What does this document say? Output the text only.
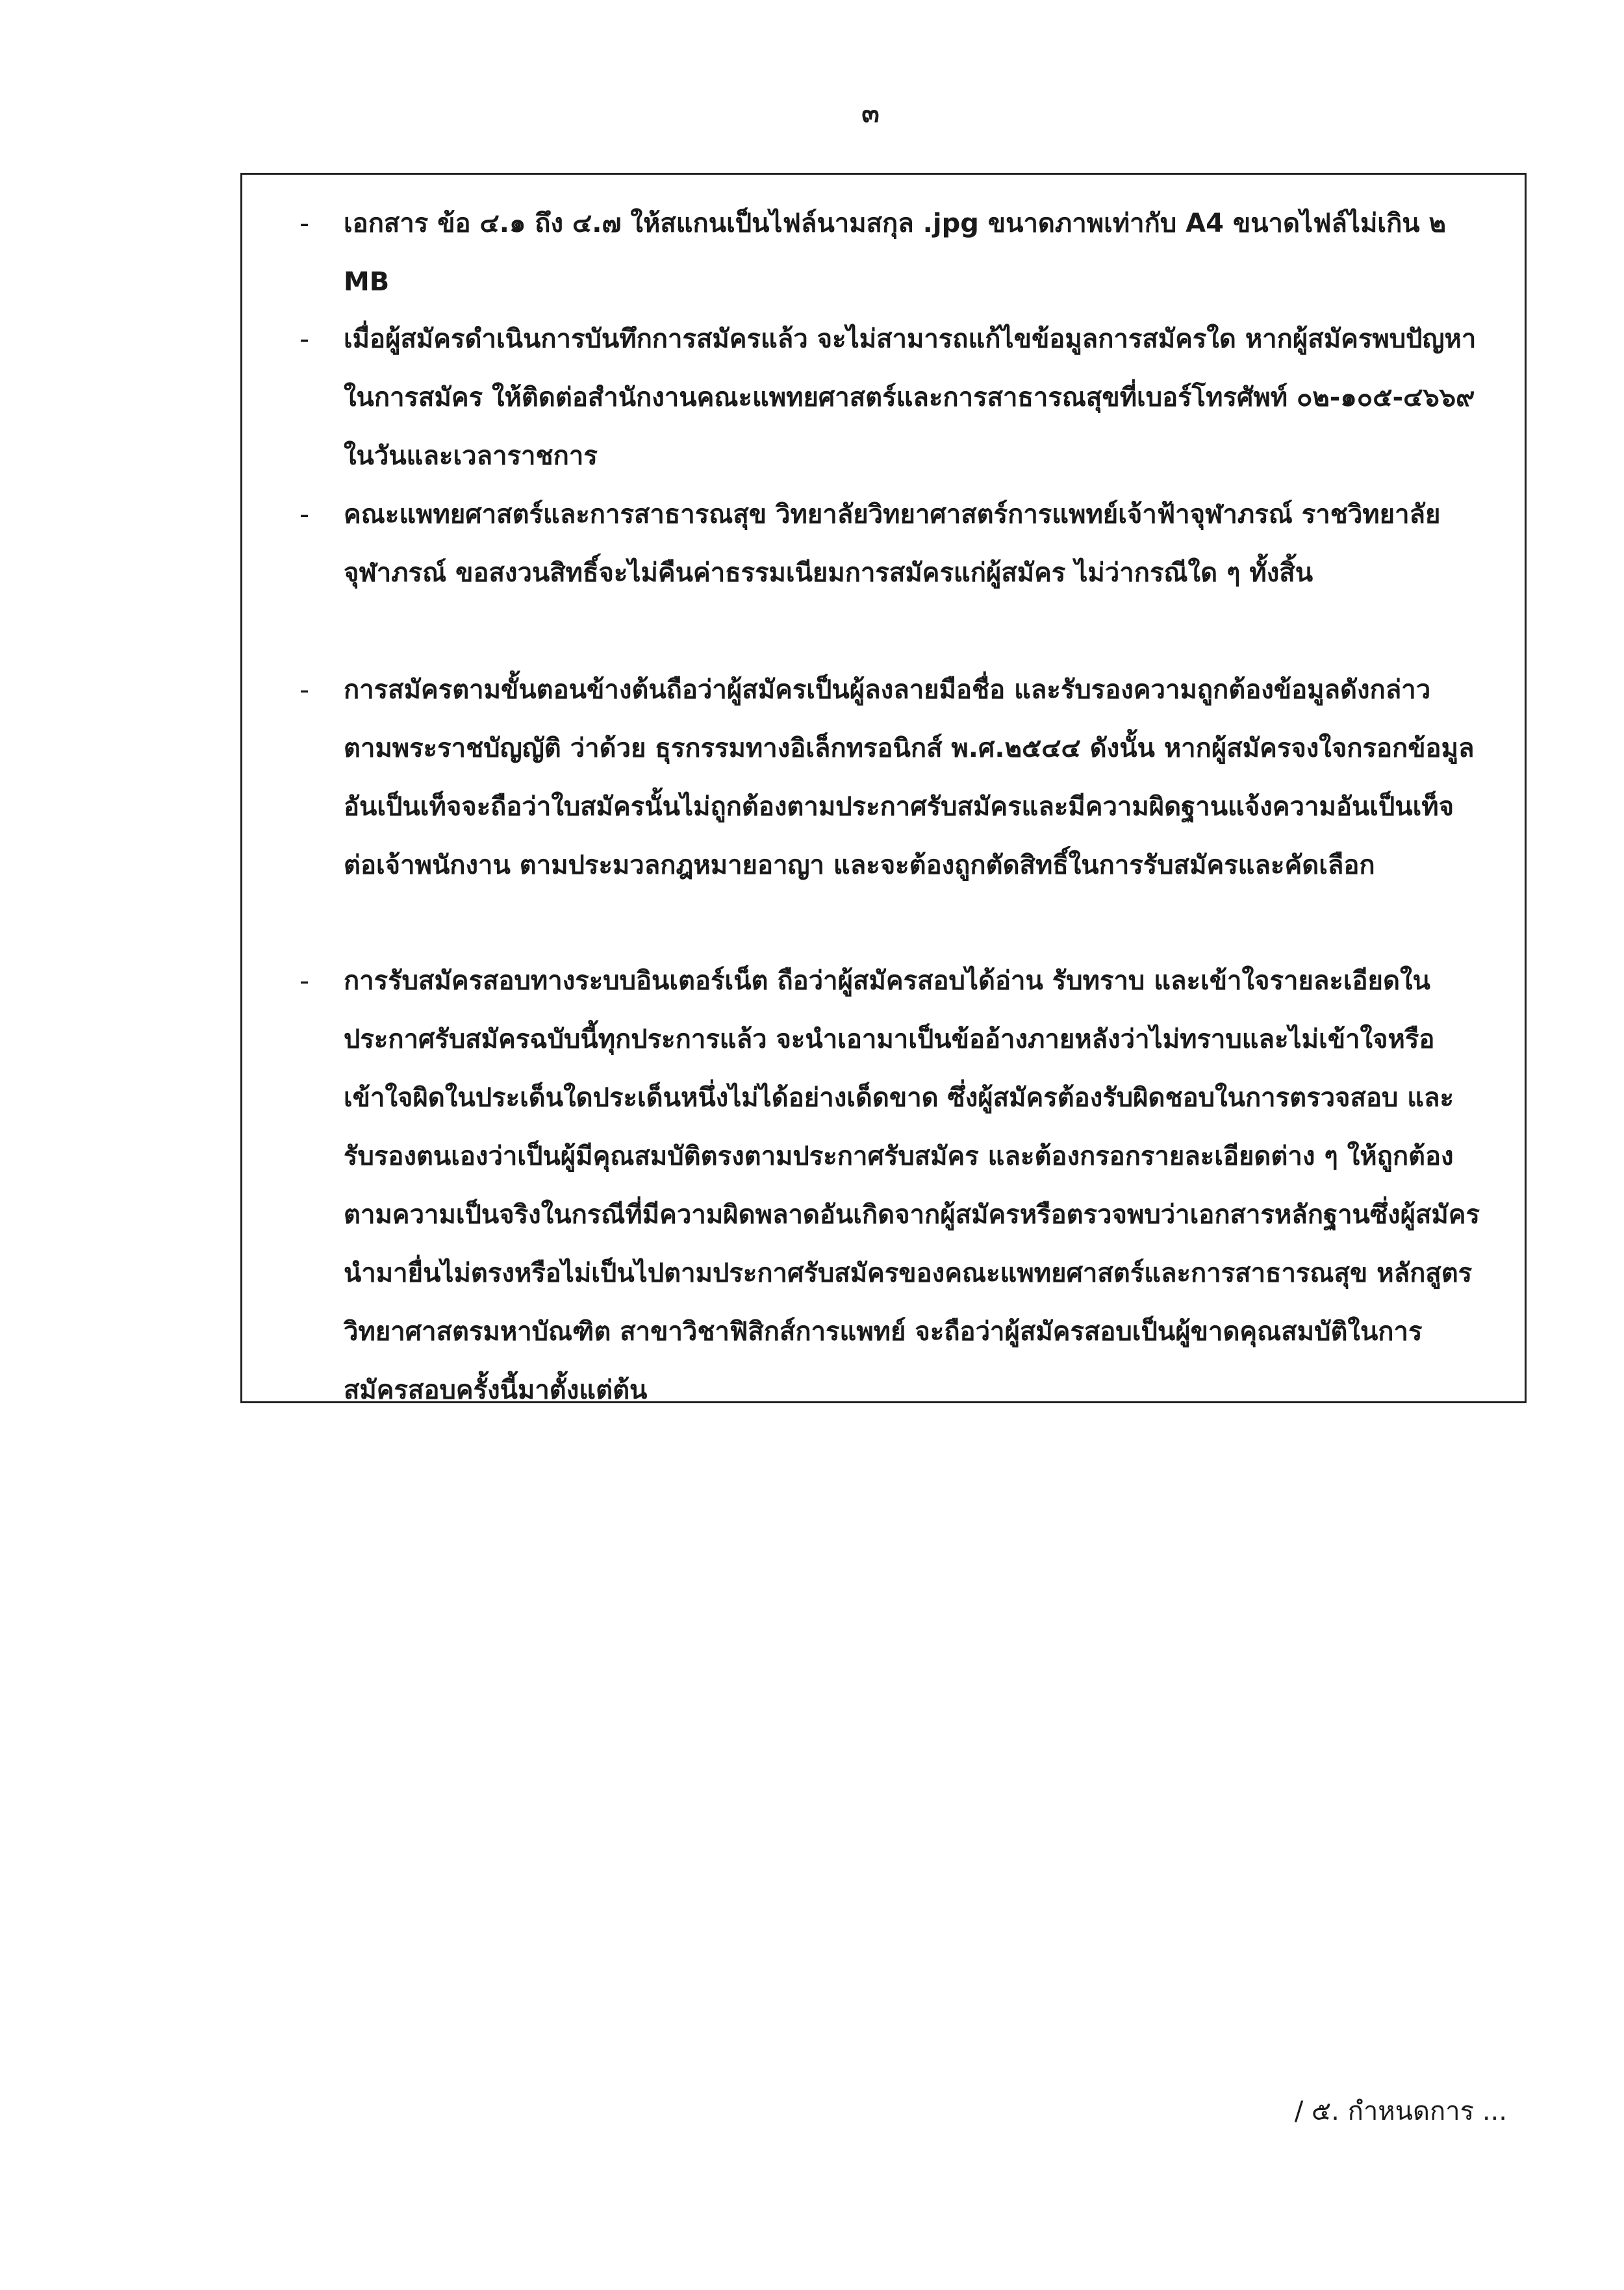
๓
- เอกสาร ข้อ ๔.๑ ถึง ๔.๗ ให้สแกนเป็นไฟล์นามสกุล .jpg ขนาดภาพเท่ากับ A4 ขนาดไฟล์ไม่เกิน ๒ MB
- เมื่อผู้สมัครดำเนินการบันทึกการสมัครแล้ว จะไม่สามารถแก้ไขข้อมูลการสมัครใด หากผู้สมัครพบปัญหาในการสมัคร ให้ติดต่อสำนักงานคณะแพทยศาสตร์และการสาธารณสุขที่เบอร์โทรศัพท์ ๐๒-๑๐๕-๔๖๖๙ ในวันและเวลาราชการ
- คณะแพทยศาสตร์และการสาธารณสุข วิทยาลัยวิทยาศาสตร์การแพทย์เจ้าฟ้าจุฬาภรณ์ ราชวิทยาลัยจุฬาภรณ์ ขอสงวนสิทธิ์จะไม่คืนค่าธรรมเนียมการสมัครแก่ผู้สมัคร ไม่ว่ากรณีใด ๆ ทั้งสิ้น
- การสมัครตามขั้นตอนข้างต้นถือว่าผู้สมัครเป็นผู้ลงลายมือชื่อ และรับรองความถูกต้องข้อมูลดังกล่าวตามพระราชบัญญัติ ว่าด้วย ธุรกรรมทางอิเล็กทรอนิกส์ พ.ศ.๒๕๔๔ ดังนั้น หากผู้สมัครจงใจกรอกข้อมูลอันเป็นเท็จจะถือว่าใบสมัครนั้นไม่ถูกต้องตามประกาศรับสมัครและมีความผิดฐานแจ้งความอันเป็นเท็จต่อเจ้าพนักงาน ตามประมวลกฎหมายอาญา และจะต้องถูกตัดสิทธิ์ในการรับสมัครและคัดเลือก
- การรับสมัครสอบทางระบบอินเตอร์เน็ต ถือว่าผู้สมัครสอบได้อ่าน รับทราบ และเข้าใจรายละเอียดในประกาศรับสมัครฉบับนี้ทุกประการแล้ว จะนำเอามาเป็นข้ออ้างภายหลังว่าไม่ทราบและไม่เข้าใจหรือเข้าใจผิดในประเด็นใดประเด็นหนึ่งไม่ได้อย่างเด็ดขาด ซึ่งผู้สมัครต้องรับผิดชอบในการตรวจสอบ และรับรองตนเองว่าเป็นผู้มีคุณสมบัติตรงตามประกาศรับสมัคร และต้องกรอกรายละเอียดต่าง ๆ ให้ถูกต้องตามความเป็นจริงในกรณีที่มีความผิดพลาดอันเกิดจากผู้สมัครหรือตรวจพบว่าเอกสารหลักฐานซึ่งผู้สมัครนำมายื่นไม่ตรงหรือไม่เป็นไปตามประกาศรับสมัครของคณะแพทยศาสตร์และการสาธารณสุข หลักสูตรวิทยาศาสตรมหาบัณฑิต สาขาวิชาฟิสิกส์การแพทย์ จะถือว่าผู้สมัครสอบเป็นผู้ขาดคุณสมบัติในการสมัครสอบครั้งนี้มาตั้งแต่ต้น
/ ๕. กำหนดการ ...
